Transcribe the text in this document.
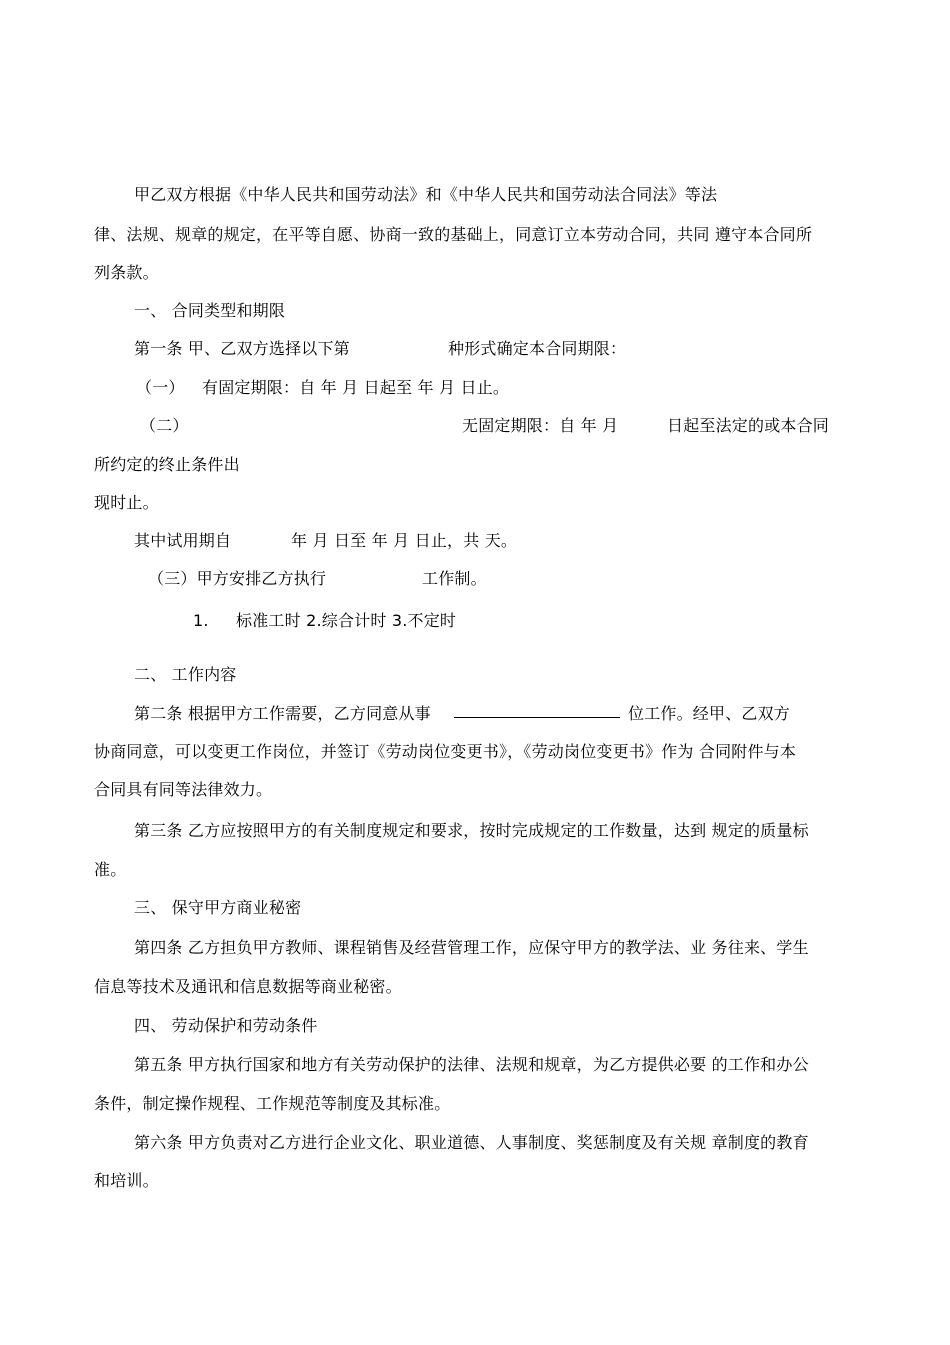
甲乙双方根据《中华人民共和国劳动法》和《中华人民共和国劳动法合同法》等法
律、法规、规章的规定，在平等自愿、协商一致的基础上，同意订立本劳动合同，共同 遵守本合同所
列条款。
一、 合同类型和期限
第一条 甲、乙双方选择以下第	种形式确定本合同期限：
（一） 有固定期限：自 年 月 日起至 年 月 日止。
（二）	无固定期限：自 年 月	日起至法定的或本合同
所约定的终止条件出
现时止。
其中试用期自	年 月 日至 年 月 日止，共 天。
（三）甲方安排乙方执行	工作制。
1. 标准工时 2.综合计时 3.不定时
二、 工作内容
第二条 根据甲方工作需要，乙方同意从事	位工作。经甲、乙双方
协商同意，可以变更工作岗位，并签订《劳动岗位变更书》，《劳动岗位变更书》作为 合同附件与本
合同具有同等法律效力。
第三条 乙方应按照甲方的有关制度规定和要求，按时完成规定的工作数量，达到 规定的质量标
准。
三、 保守甲方商业秘密
第四条 乙方担负甲方教师、课程销售及经营管理工作，应保守甲方的教学法、业 务往来、学生
信息等技术及通讯和信息数据等商业秘密。
四、 劳动保护和劳动条件
第五条 甲方执行国家和地方有关劳动保护的法律、法规和规章，为乙方提供必要 的工作和办公
条件，制定操作规程、工作规范等制度及其标准。
第六条 甲方负责对乙方进行企业文化、职业道德、人事制度、奖惩制度及有关规 章制度的教育
和培训。
